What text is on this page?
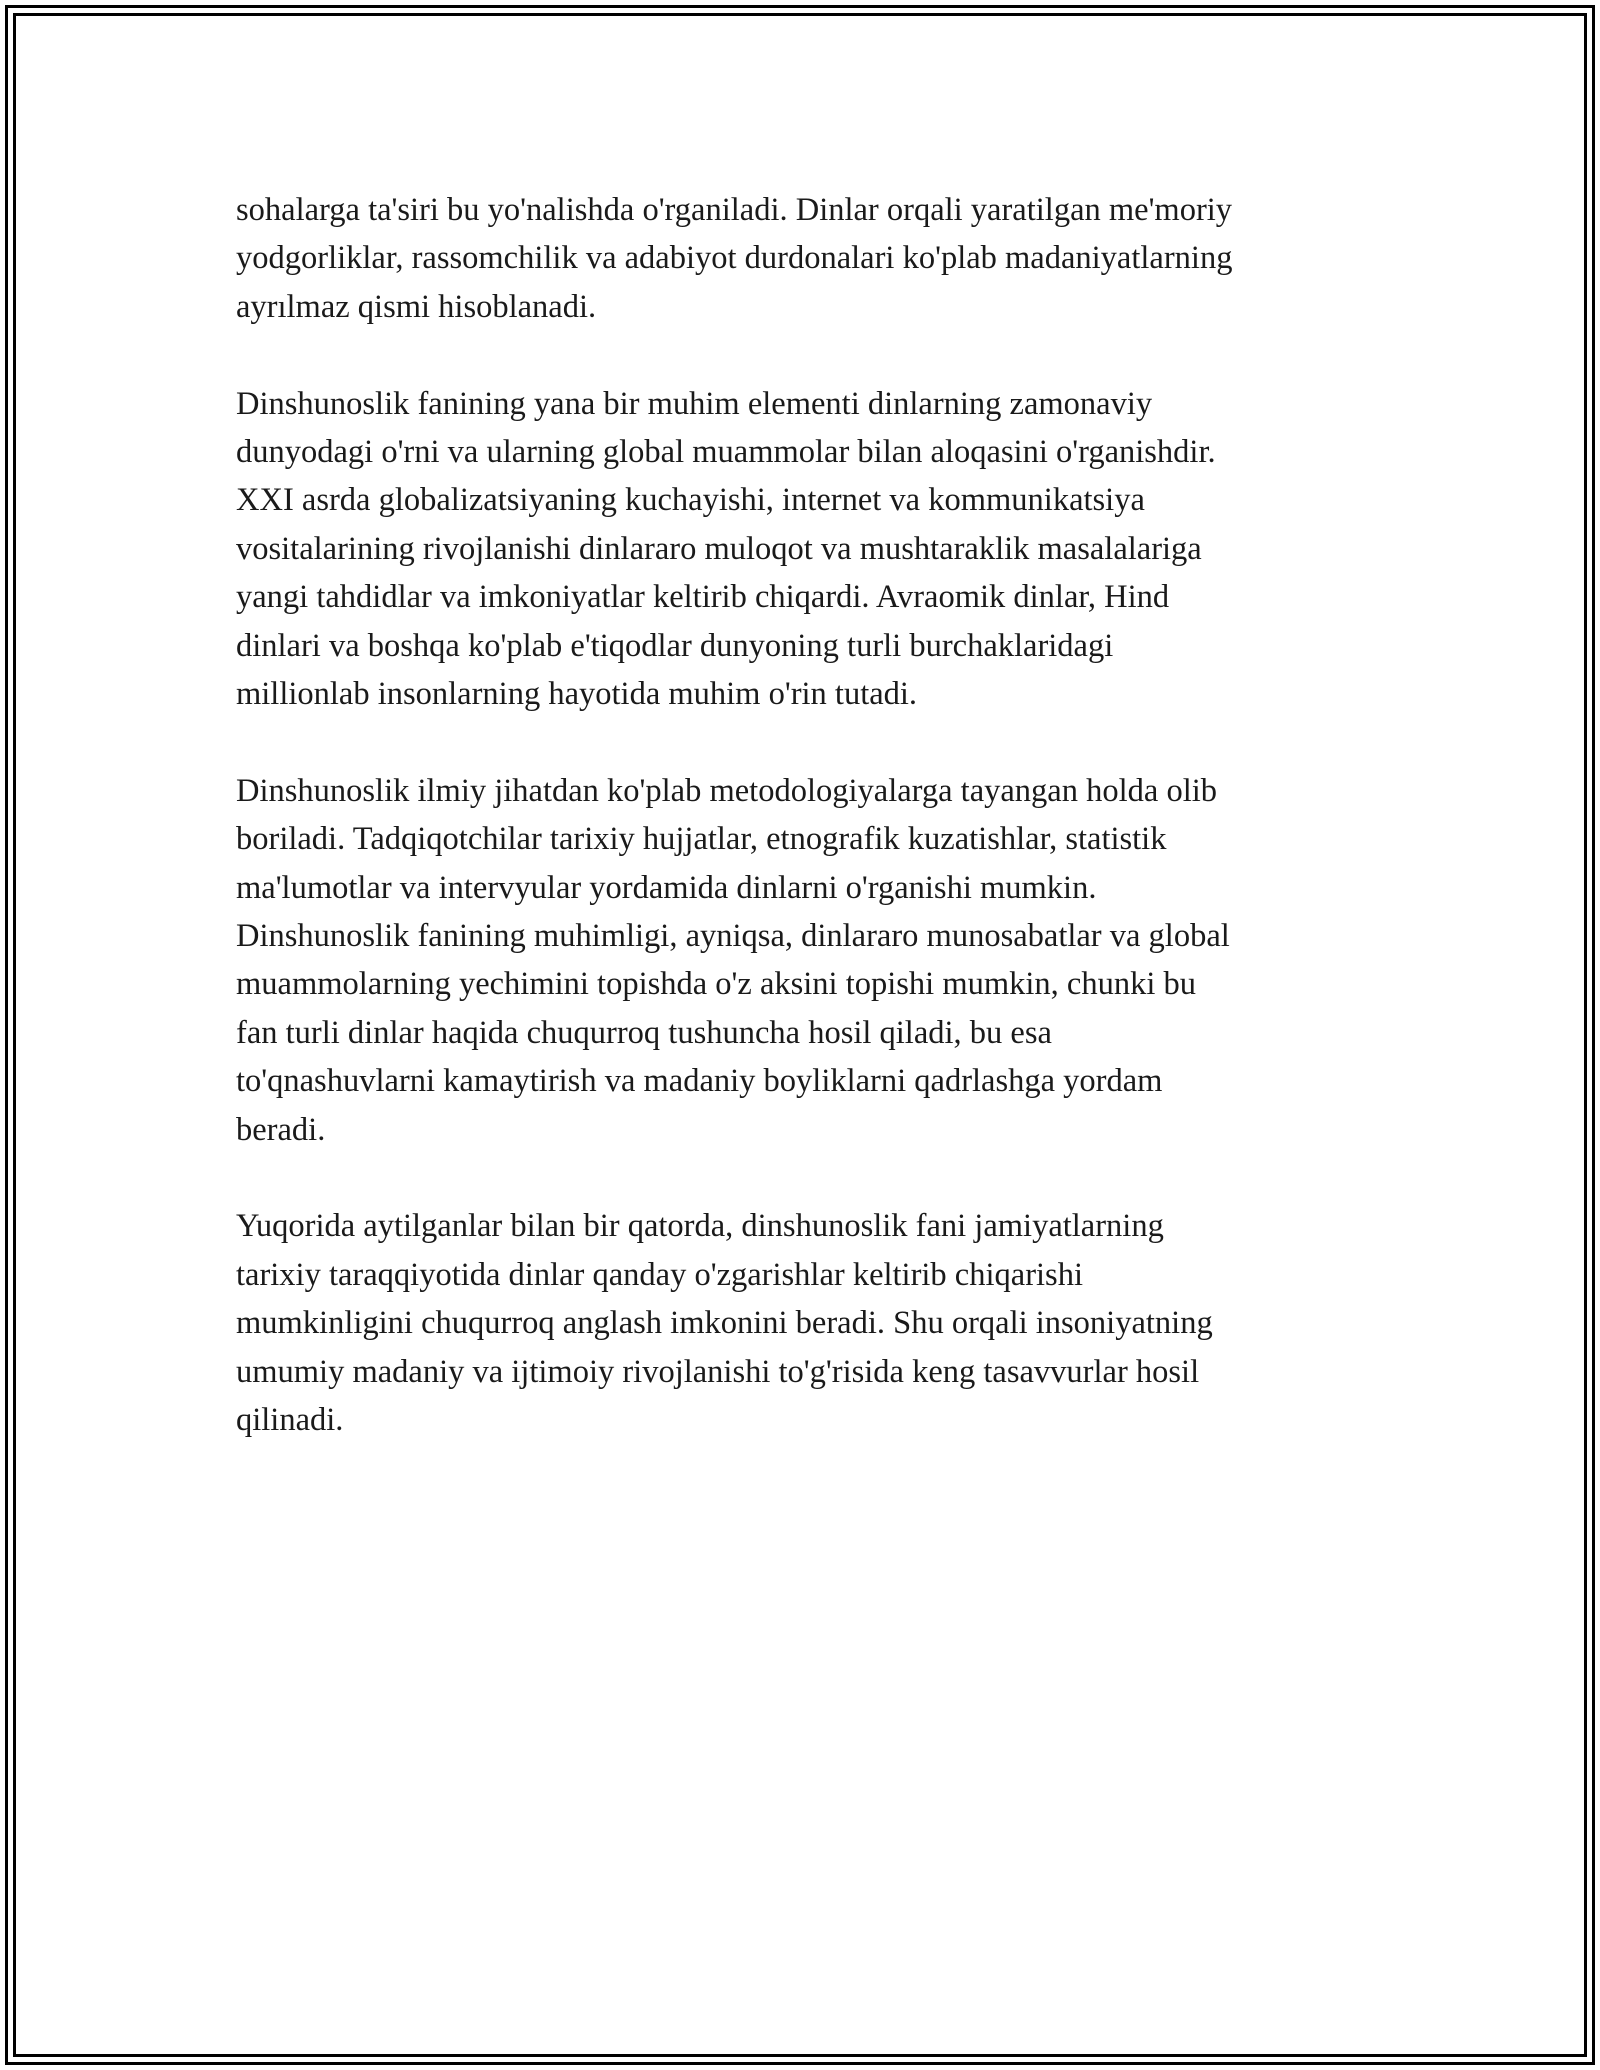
sohalarga ta'siri bu yo'nalishda o'rganiladi. Dinlar orqali yaratilgan me'moriy
yodgorliklar, rassomchilik va adabiyot durdonalari ko'plab madaniyatlarning
ayrılmaz qismi hisoblanadi.

Dinshunoslik fanining yana bir muhim elementi dinlarning zamonaviy
dunyodagi o'rni va ularning global muammolar bilan aloqasini o'rganishdir.
XXI asrda globalizatsiyaning kuchayishi, internet va kommunikatsiya
vositalarining rivojlanishi dinlararo muloqot va mushtaraklik masalalariga
yangi tahdidlar va imkoniyatlar keltirib chiqardi. Avraomik dinlar, Hind
dinlari va boshqa ko'plab e'tiqodlar dunyoning turli burchaklaridagi
millionlab insonlarning hayotida muhim o'rin tutadi.

Dinshunoslik ilmiy jihatdan ko'plab metodologiyalarga tayangan holda olib
boriladi. Tadqiqotchilar tarixiy hujjatlar, etnografik kuzatishlar, statistik
ma'lumotlar va intervyular yordamida dinlarni o'rganishi mumkin.
Dinshunoslik fanining muhimligi, ayniqsa, dinlararo munosabatlar va global
muammolarning yechimini topishda o'z aksini topishi mumkin, chunki bu
fan turli dinlar haqida chuqurroq tushuncha hosil qiladi, bu esa
to'qnashuvlarni kamaytirish va madaniy boyliklarni qadrlashga yordam
beradi.

Yuqorida aytilganlar bilan bir qatorda, dinshunoslik fani jamiyatlarning
tarixiy taraqqiyotida dinlar qanday o'zgarishlar keltirib chiqarishi
mumkinligini chuqurroq anglash imkonini beradi. Shu orqali insoniyatning
umumiy madaniy va ijtimoiy rivojlanishi to'g'risida keng tasavvurlar hosil
qilinadi.
